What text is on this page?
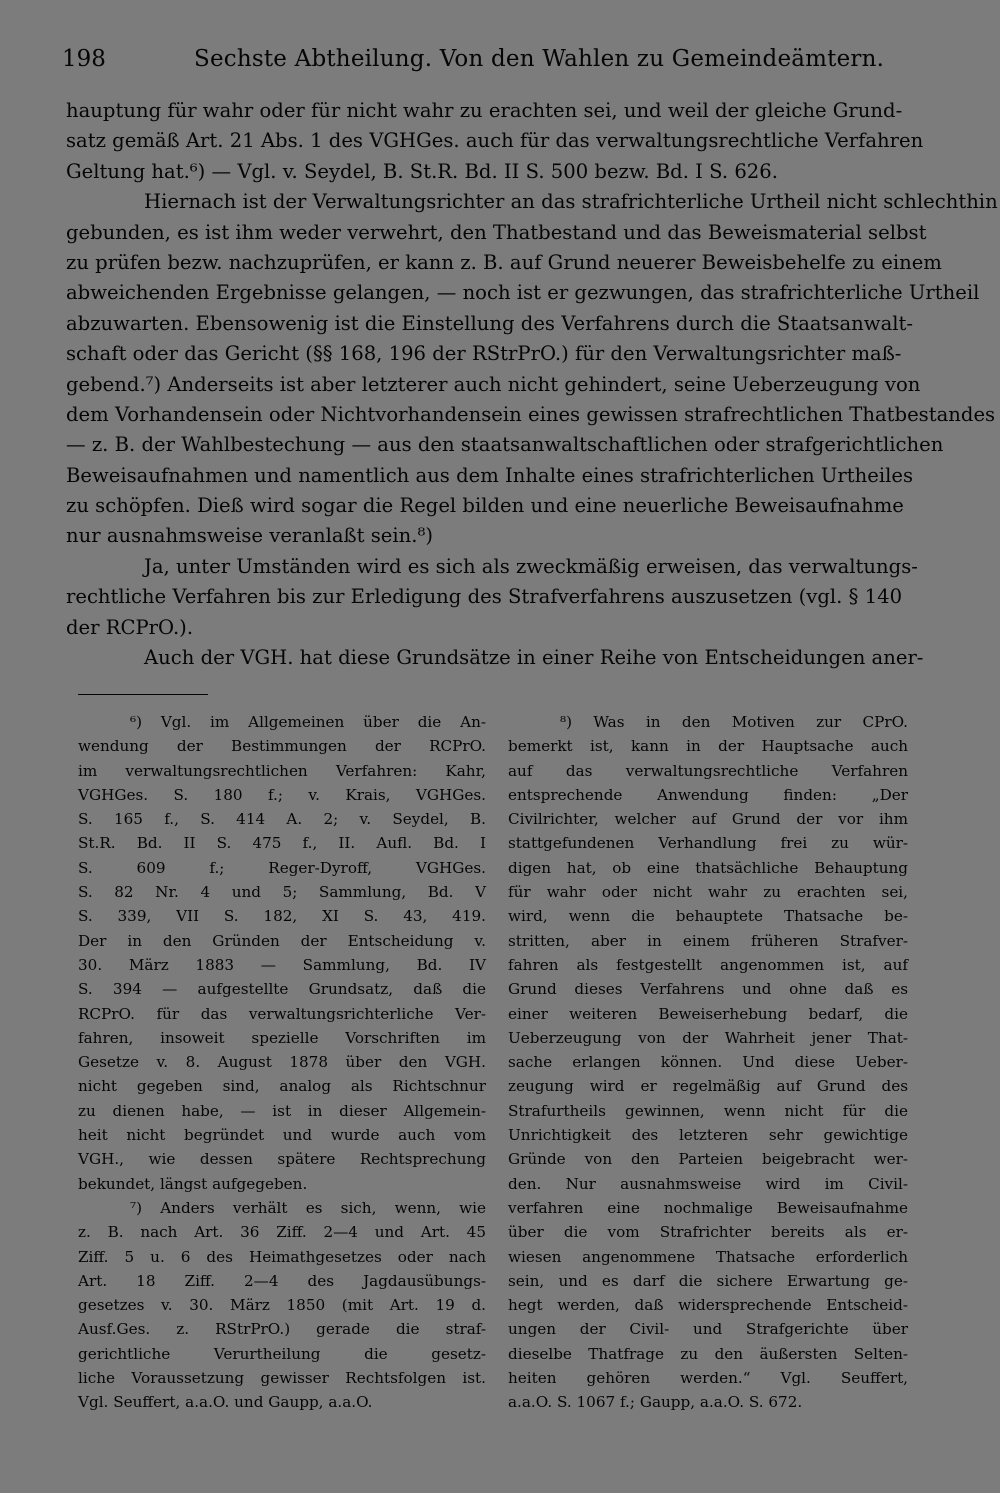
198	Sechste Abtheilung. Von den Wahlen zu Gemeindeämtern.
hauptung für wahr oder für nicht wahr zu erachten sei, und weil der gleiche Grund-
satz gemäß Art. 21 Abs. 1 des VGHGes. auch für das verwaltungsrechtliche Verfahren
Geltung hat.⁶) — Vgl. v. Seydel, B. St.R. Bd. II S. 500 bezw. Bd. I S. 626.
Hiernach ist der Verwaltungsrichter an das strafrichterliche Urtheil nicht schlechthin
gebunden, es ist ihm weder verwehrt, den Thatbestand und das Beweismaterial selbst
zu prüfen bezw. nachzuprüfen, er kann z. B. auf Grund neuerer Beweisbehelfe zu einem
abweichenden Ergebnisse gelangen, — noch ist er gezwungen, das strafrichterliche Urtheil
abzuwarten. Ebensowenig ist die Einstellung des Verfahrens durch die Staatsanwalt-
schaft oder das Gericht (§§ 168, 196 der RStrPrO.) für den Verwaltungsrichter maß-
gebend.⁷) Anderseits ist aber letzterer auch nicht gehindert, seine Ueberzeugung von
dem Vorhandensein oder Nichtvorhandensein eines gewissen strafrechtlichen Thatbestandes
— z. B. der Wahlbestechung — aus den staatsanwaltschaftlichen oder strafgerichtlichen
Beweisaufnahmen und namentlich aus dem Inhalte eines strafrichterlichen Urtheiles
zu schöpfen. Dieß wird sogar die Regel bilden und eine neuerliche Beweisaufnahme
nur ausnahmsweise veranlaßt sein.⁸)
Ja, unter Umständen wird es sich als zweckmäßig erweisen, das verwaltungs-
rechtliche Verfahren bis zur Erledigung des Strafverfahrens auszusetzen (vgl. § 140
der RCPrO.).
Auch der VGH. hat diese Grundsätze in einer Reihe von Entscheidungen aner-
⁶) Vgl. im Allgemeinen über die An-
wendung der Bestimmungen der RCPrO.
im verwaltungsrechtlichen Verfahren: Kahr,
VGHGes. S. 180 f.; v. Krais, VGHGes.
S. 165 f., S. 414 A. 2; v. Seydel, B.
St.R. Bd. II S. 475 f., II. Aufl. Bd. I
S. 609 f.; Reger-Dyroff, VGHGes.
S. 82 Nr. 4 und 5; Sammlung, Bd. V
S. 339, VII S. 182, XI S. 43, 419.
Der in den Gründen der Entscheidung v.
30. März 1883 — Sammlung, Bd. IV
S. 394 — aufgestellte Grundsatz, daß die
RCPrO. für das verwaltungsrichterliche Ver-
fahren, insoweit spezielle Vorschriften im
Gesetze v. 8. August 1878 über den VGH.
nicht gegeben sind, analog als Richtschnur
zu dienen habe, — ist in dieser Allgemein-
heit nicht begründet und wurde auch vom
VGH., wie dessen spätere Rechtsprechung
bekundet, längst aufgegeben.
⁷) Anders verhält es sich, wenn, wie
z. B. nach Art. 36 Ziff. 2—4 und Art. 45
Ziff. 5 u. 6 des Heimathgesetzes oder nach
Art. 18 Ziff. 2—4 des Jagdausübungs-
gesetzes v. 30. März 1850 (mit Art. 19 d.
Ausf.Ges. z. RStrPrO.) gerade die straf-
gerichtliche Verurtheilung die gesetz-
liche Voraussetzung gewisser Rechtsfolgen ist.
Vgl. Seuffert, a.a.O. und Gaupp, a.a.O.
⁸) Was in den Motiven zur CPrO.
bemerkt ist, kann in der Hauptsache auch
auf das verwaltungsrechtliche Verfahren
entsprechende Anwendung finden: „Der
Civilrichter, welcher auf Grund der vor ihm
stattgefundenen Verhandlung frei zu wür-
digen hat, ob eine thatsächliche Behauptung
für wahr oder nicht wahr zu erachten sei,
wird, wenn die behauptete Thatsache be-
stritten, aber in einem früheren Strafver-
fahren als festgestellt angenommen ist, auf
Grund dieses Verfahrens und ohne daß es
einer weiteren Beweiserhebung bedarf, die
Ueberzeugung von der Wahrheit jener That-
sache erlangen können. Und diese Ueber-
zeugung wird er regelmäßig auf Grund des
Strafurtheils gewinnen, wenn nicht für die
Unrichtigkeit des letzteren sehr gewichtige
Gründe von den Parteien beigebracht wer-
den. Nur ausnahmsweise wird im Civil-
verfahren eine nochmalige Beweisaufnahme
über die vom Strafrichter bereits als er-
wiesen angenommene Thatsache erforderlich
sein, und es darf die sichere Erwartung ge-
hegt werden, daß widersprechende Entscheid-
ungen der Civil- und Strafgerichte über
dieselbe Thatfrage zu den äußersten Selten-
heiten gehören werden.“ Vgl. Seuffert,
a.a.O. S. 1067 f.; Gaupp, a.a.O. S. 672.
